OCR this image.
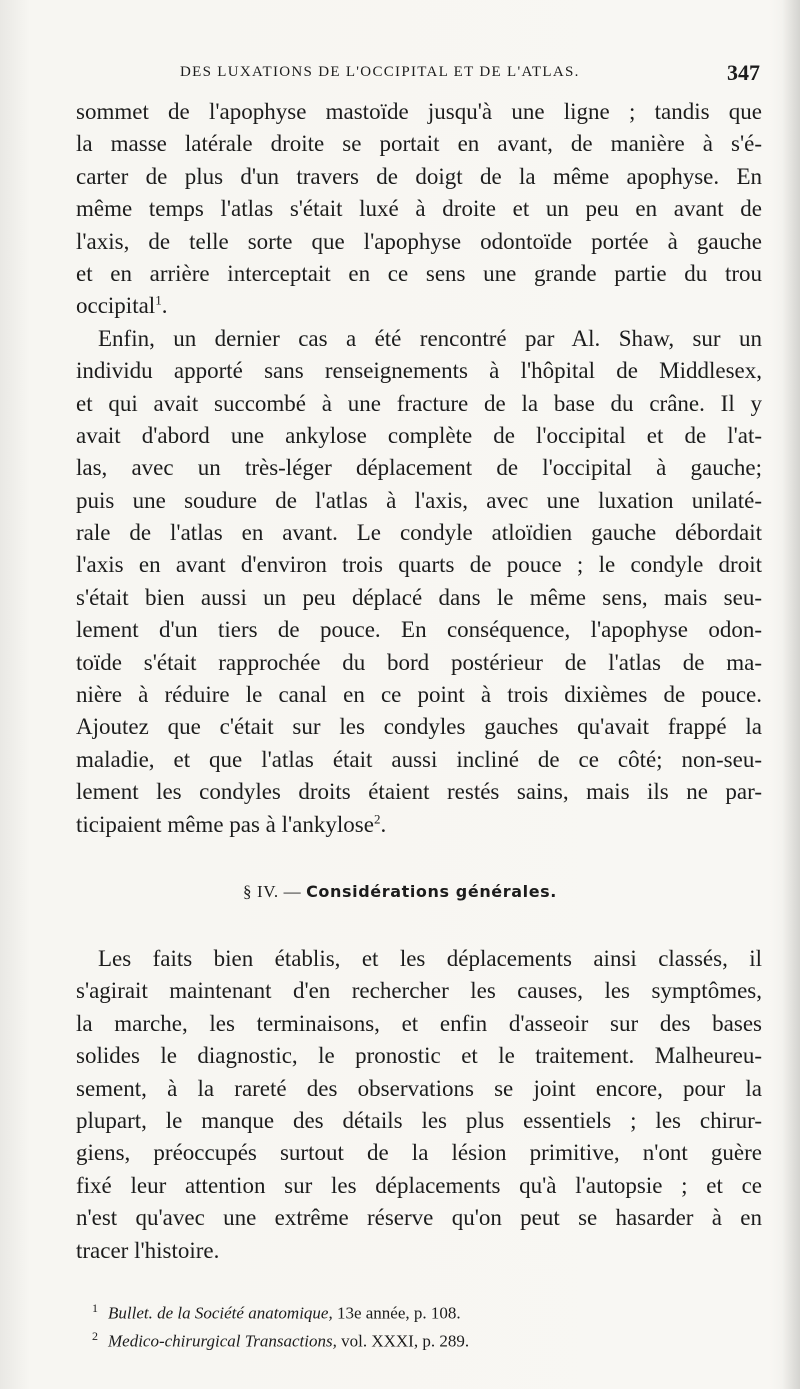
DES LUXATIONS DE L'OCCIPITAL ET DE L'ATLAS.	347
sommet de l'apophyse mastoïde jusqu'à une ligne ; tandis que
la masse latérale droite se portait en avant, de manière à s'é-
carter de plus d'un travers de doigt de la même apophyse. En
même temps l'atlas s'était luxé à droite et un peu en avant de
l'axis, de telle sorte que l'apophyse odontoïde portée à gauche
et en arrière interceptait en ce sens une grande partie du trou
occipital$^1$.
Enfin, un dernier cas a été rencontré par Al. Shaw, sur un
individu apporté sans renseignements à l'hôpital de Middlesex,
et qui avait succombé à une fracture de la base du crâne. Il y
avait d'abord une ankylose complète de l'occipital et de l'at-
las, avec un très-léger déplacement de l'occipital à gauche;
puis une soudure de l'atlas à l'axis, avec une luxation unilaté-
rale de l'atlas en avant. Le condyle atloïdien gauche débordait
l'axis en avant d'environ trois quarts de pouce ; le condyle droit
s'était bien aussi un peu déplacé dans le même sens, mais seu-
lement d'un tiers de pouce. En conséquence, l'apophyse odon-
toïde s'était rapprochée du bord postérieur de l'atlas de ma-
nière à réduire le canal en ce point à trois dixièmes de pouce.
Ajoutez que c'était sur les condyles gauches qu'avait frappé la
maladie, et que l'atlas était aussi incliné de ce côté; non-seu-
lement les condyles droits étaient restés sains, mais ils ne par-
ticipaient même pas à l'ankylose$^2$.
§ IV. — Considérations générales.
Les faits bien établis, et les déplacements ainsi classés, il
s'agirait maintenant d'en rechercher les causes, les symptômes,
la marche, les terminaisons, et enfin d'asseoir sur des bases
solides le diagnostic, le pronostic et le traitement. Malheureu-
sement, à la rareté des observations se joint encore, pour la
plupart, le manque des détails les plus essentiels ; les chirur-
giens, préoccupés surtout de la lésion primitive, n'ont guère
fixé leur attention sur les déplacements qu'à l'autopsie ; et ce
n'est qu'avec une extrême réserve qu'on peut se hasarder à en
tracer l'histoire.
$^1$ Bullet. de la Société anatomique, 13e année, p. 108.
$^2$ Medico-chirurgical Transactions, vol. XXXI, p. 289.
